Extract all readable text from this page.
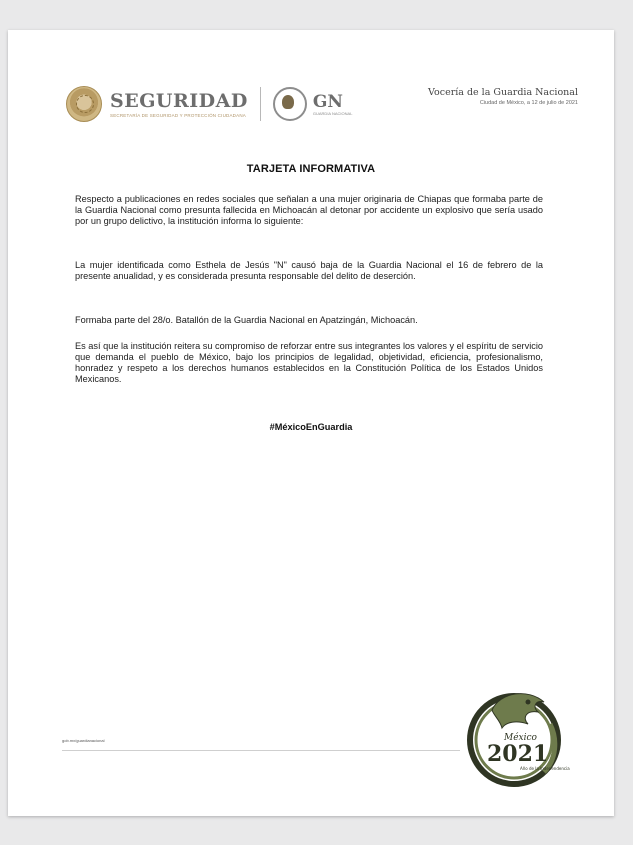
SEGURIDAD
SECRETARÍA DE SEGURIDAD Y PROTECCIÓN CIUDADANA
GN
GUARDIA NACIONAL
Vocería de la Guardia Nacional
Ciudad de México, a 12 de julio de 2021
TARJETA INFORMATIVA
Respecto a publicaciones en redes sociales que señalan a una mujer originaria de Chiapas que formaba parte de la Guardia Nacional como presunta fallecida en Michoacán al detonar por accidente un explosivo que sería usado por un grupo delictivo, la institución informa lo siguiente:
La mujer identificada como Esthela de Jesús "N" causó baja de la Guardia Nacional el 16 de febrero de la presente anualidad, y es considerada presunta responsable del delito de deserción.
Formaba parte del 28/o. Batallón de la Guardia Nacional en Apatzingán, Michoacán.
Es así que la institución reitera su compromiso de reforzar entre sus integrantes los valores y el espíritu de servicio que demanda el pueblo de México, bajo los principios de legalidad, objetividad, eficiencia, profesionalismo, honradez y respeto a los derechos humanos establecidos en la Constitución Política de los Estados Unidos Mexicanos.
#MéxicoEnGuardia
gob.mx/guardianacional	México
2021
Año de la Independencia
